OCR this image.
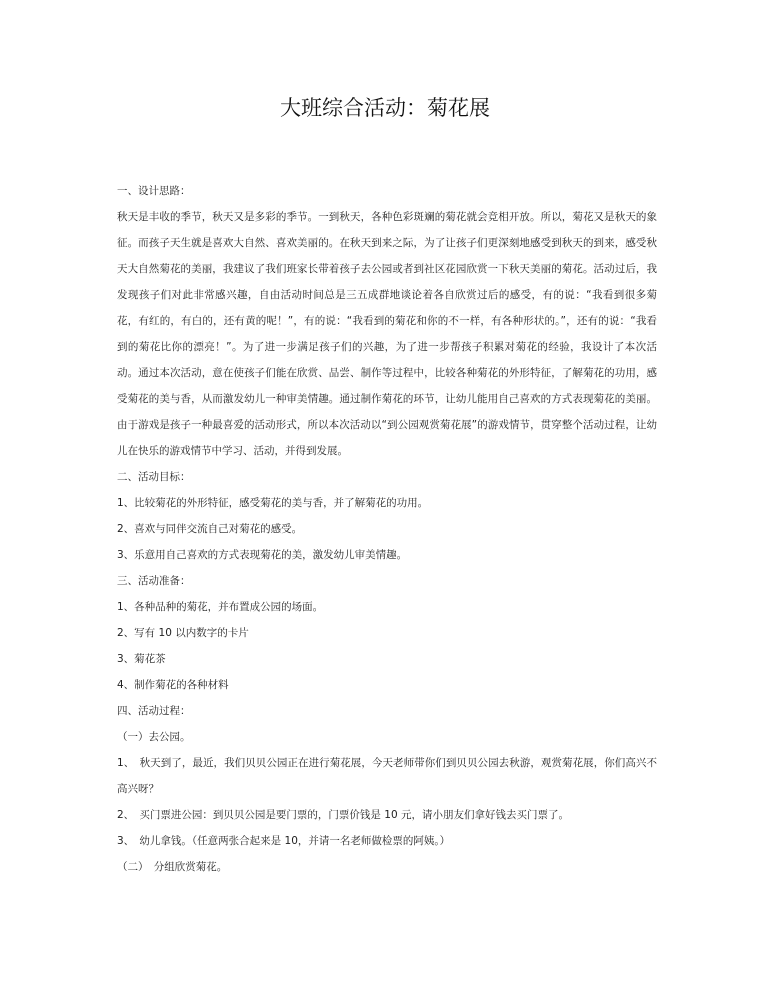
大班综合活动：菊花展

一、设计思路：

秋天是丰收的季节，秋天又是多彩的季节。一到秋天，各种色彩斑斓的菊花就会竞相开放。所以，菊花又是秋天的象征。而孩子天生就是喜欢大自然、喜欢美丽的。在秋天到来之际，为了让孩子们更深刻地感受到秋天的到来，感受秋天大自然菊花的美丽，我建议了我们班家长带着孩子去公园或者到社区花园欣赏一下秋天美丽的菊花。活动过后，我发现孩子们对此非常感兴趣，自由活动时间总是三五成群地谈论着各自欣赏过后的感受，有的说：“我看到很多菊花，有红的，有白的，还有黄的呢！”，有的说：“我看到的菊花和你的不一样，有各种形状的。”，还有的说：“我看到的菊花比你的漂亮！”。为了进一步满足孩子们的兴趣，为了进一步帮孩子积累对菊花的经验，我设计了本次活动。通过本次活动，意在使孩子们能在欣赏、品尝、制作等过程中，比较各种菊花的外形特征，了解菊花的功用，感受菊花的美与香，从而激发幼儿一种审美情趣。通过制作菊花的环节，让幼儿能用自己喜欢的方式表现菊花的美丽。由于游戏是孩子一种最喜爱的活动形式，所以本次活动以“到公园观赏菊花展”的游戏情节，贯穿整个活动过程，让幼儿在快乐的游戏情节中学习、活动，并得到发展。

二、活动目标：

1、比较菊花的外形特征，感受菊花的美与香，并了解菊花的功用。

2、喜欢与同伴交流自己对菊花的感受。

3、乐意用自己喜欢的方式表现菊花的美，激发幼儿审美情趣。

三、活动准备：

1、各种品种的菊花，并布置成公园的场面。

2、写有 10 以内数字的卡片

3、菊花茶

4、制作菊花的各种材料

四、活动过程：

（一）去公园。

1、　秋天到了，最近，我们贝贝公园正在进行菊花展，今天老师带你们到贝贝公园去秋游，观赏菊花展，你们高兴不高兴呀？

2、　买门票进公园：到贝贝公园是要门票的，门票价钱是 10 元，请小朋友们拿好钱去买门票了。

3、　幼儿拿钱。（任意两张合起来是 10，并请一名老师做检票的阿姨。）

（二）　分组欣赏菊花。
